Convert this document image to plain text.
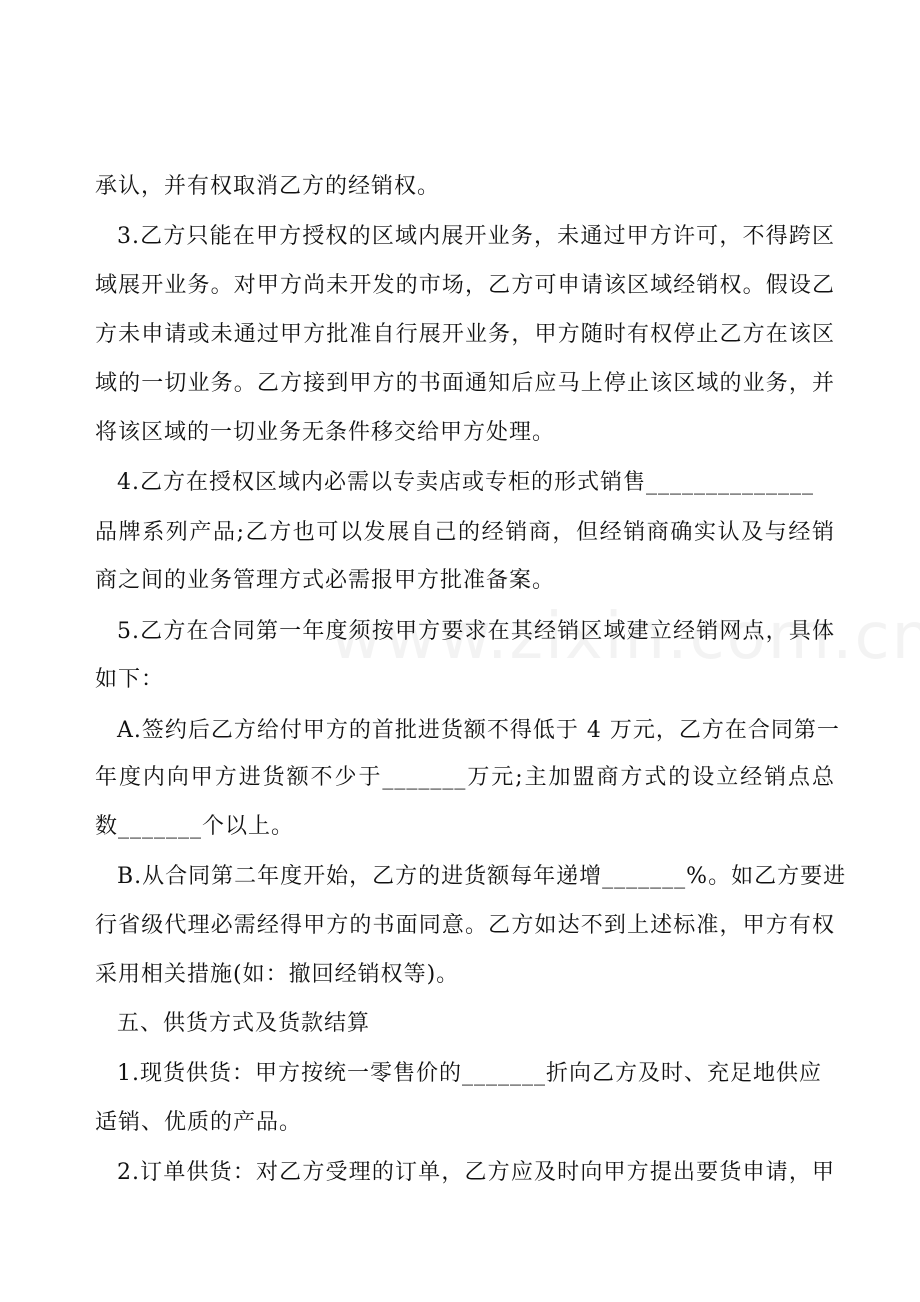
承认，并有权取消乙方的经销权。
3.乙方只能在甲方授权的区域内展开业务，未通过甲方许可，不得跨区
域展开业务。对甲方尚未开发的市场，乙方可申请该区域经销权。假设乙
方未申请或未通过甲方批准自行展开业务，甲方随时有权停止乙方在该区
域的一切业务。乙方接到甲方的书面通知后应马上停止该区域的业务，并
将该区域的一切业务无条件移交给甲方处理。
4.乙方在授权区域内必需以专卖店或专柜的形式销售______________
品牌系列产品;乙方也可以发展自己的经销商，但经销商确实认及与经销
商之间的业务管理方式必需报甲方批准备案。
5.乙方在合同第一年度须按甲方要求在其经销区域建立经销网点，具体
如下：
A.签约后乙方给付甲方的首批进货额不得低于 4 万元，乙方在合同第一
年度内向甲方进货额不少于_______万元;主加盟商方式的设立经销点总
数_______个以上。
B.从合同第二年度开始，乙方的进货额每年递增_______%。如乙方要进
行省级代理必需经得甲方的书面同意。乙方如达不到上述标准，甲方有权
采用相关措施(如：撤回经销权等)。
五、供货方式及货款结算
1.现货供货：甲方按统一零售价的_______折向乙方及时、充足地供应
适销、优质的产品。
2.订单供货：对乙方受理的订单，乙方应及时向甲方提出要货申请，甲
